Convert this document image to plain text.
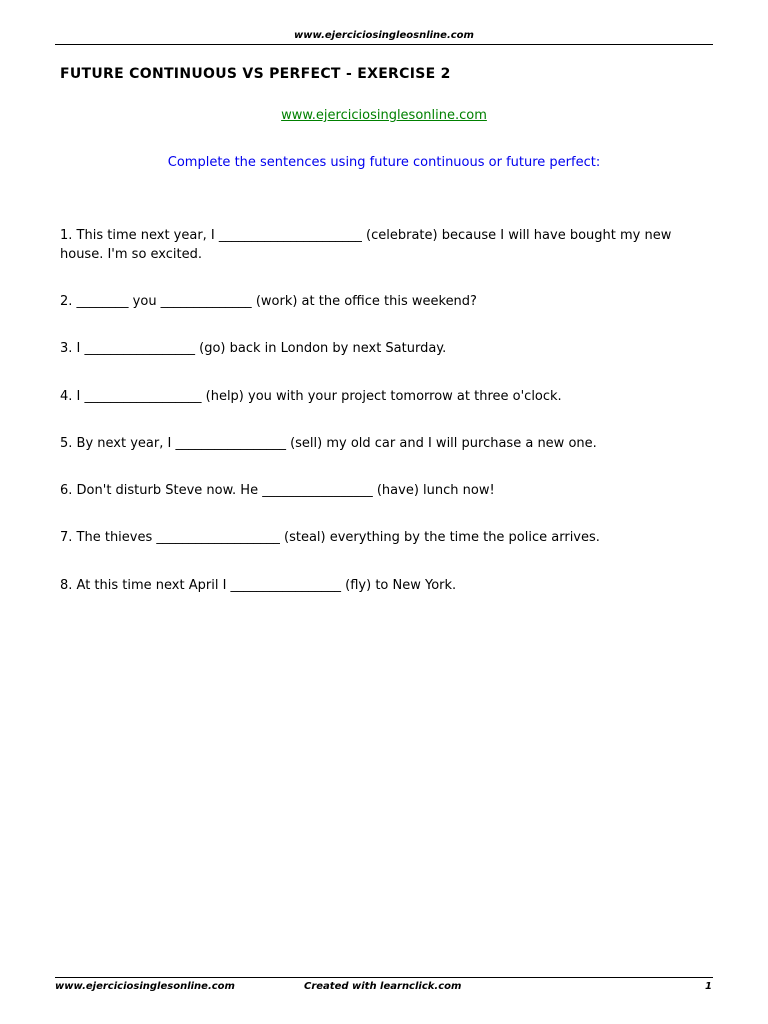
www.ejerciciosingleosnline.com
FUTURE CONTINUOUS VS PERFECT - EXERCISE 2
www.ejerciciosinglesonline.com
Complete the sentences using future continuous or future perfect:
1. This time next year, I ______________________ (celebrate) because I will have bought my new house. I'm so excited.
2. ________ you ______________ (work) at the office this weekend?
3. I _________________ (go) back in London by next Saturday.
4. I __________________ (help) you with your project tomorrow at three o'clock.
5. By next year, I _________________ (sell) my old car and I will purchase a new one.
6. Don't disturb Steve now. He _________________ (have) lunch now!
7. The thieves ___________________ (steal) everything by the time the police arrives.
8. At this time next April I _________________ (fly) to New York.
www.ejerciciosinglesonline.com	Created with learnclick.com	1
